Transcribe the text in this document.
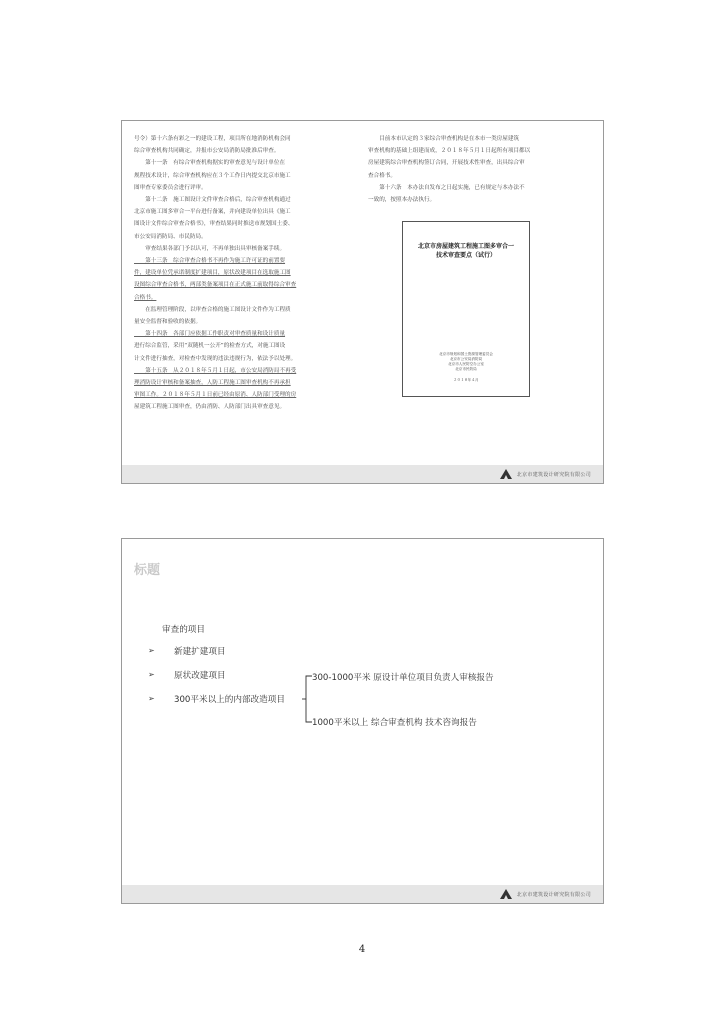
号令）第十六条有彩之一的建设工程，项目所在地消防机构会同
综合审查机构共同确定，并报市公安局消防局批准后审查。
　　第十一条　有综合审查机构据实的审查意见与设计单位在
规程技术设计，综合审查机构应在３个工作日内提交北京市施工
图审查专家委员会进行评审。
　　第十二条　施工图设计文件审查合格后，综合审查机构通过
北京市施工图多审合一平台进行备案，并向建设单位出具《施工
图设计文件综合审查合格书》，审查结果同时推送市规划国土委、
市公安局消防局、市民防局。
　　审查结果各部门予以认可，不再单独出具审核备案手续。
　　第十三条　综合审查合格书不再作为施工许可证的前置要
件，建设单位凭承诺制度扩建项目，原状改建项目在选取施工图
设图综合审查合格书，两部类备案项目在正式施工前取得综合审查
合格书。
　　在监理管理阶段，以审查合格的施工图设计文件作为工程质
量安全监督和验收的依据。
　　第十四条　各部门应依据工作职责对审查质量和设计质量
进行综合监管，采用“双随机一公开”的检查方式，对施工图设
计文件进行抽查，对检查中发现的违法违规行为，依法予以处理。
　　第十五条　从２０１８年５月１日起，市公安局消防局不再受
理消防设计审核和备案抽查，人防工程施工图审查机构不再承担
审图工作。２０１８年５月１日前已经由原消、人防部门受理的房
屋建筑工程施工图审查，仍由消防、人防部门出具审查意见。
　　目前本市认定的３家综合审查机构是在本市一类房屋建筑
审查机构的基础上组建而成，２０１８年５月１日起所有项目都以
房屋建筑综合审查机构签订合同，开展技术性审查，出具综合审
查合格书。
　　第十六条　本办法自发布之日起实施，已有规定与本办法不
一致的，按照本办法执行。
北京市房屋建筑工程施工图多审合一
技术审查要点（试行）
北京市规划和国土资源管理委员会
北京市公安局消防局
北京市人民防空办公室
北京市民防局
２０１８年４月
北京市建筑设计研究院有限公司
标题
审查的项目
➢ 新建扩建项目
➢ 原状改建项目
➢ 300平米以上的内部改造项目
300-1000平米 原设计单位项目负责人审核报告
1000平米以上 综合审查机构 技术咨询报告
北京市建筑设计研究院有限公司
4
